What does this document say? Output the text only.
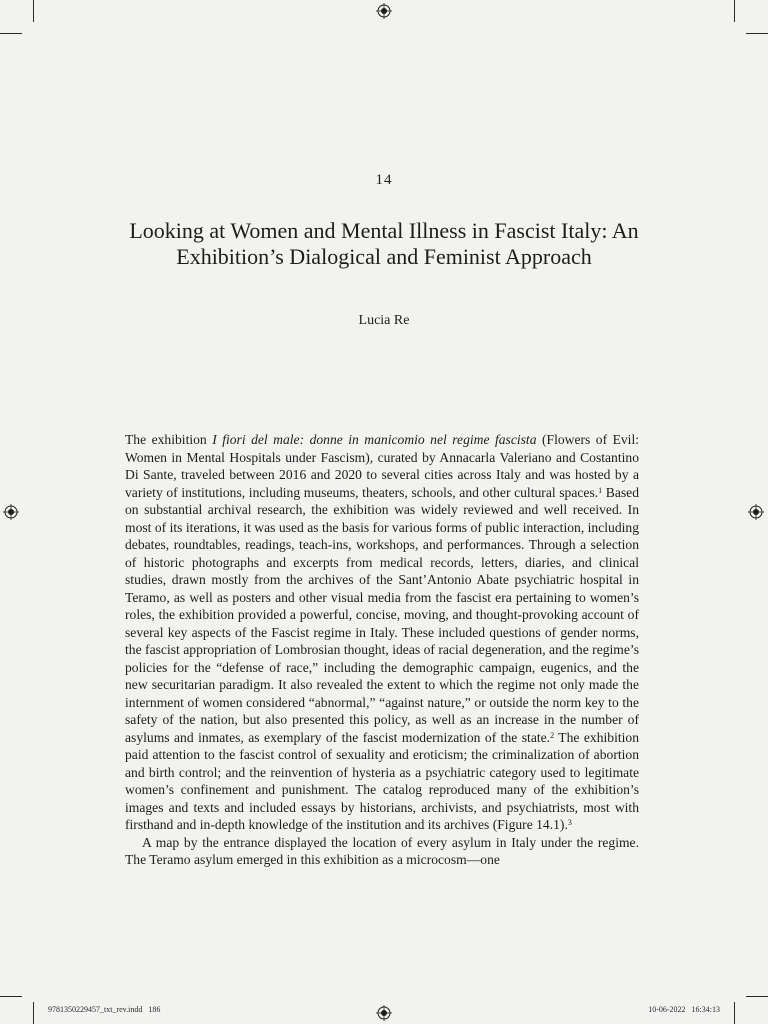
14
Looking at Women and Mental Illness in Fascist Italy: An Exhibition’s Dialogical and Feminist Approach
Lucia Re

The exhibition I fiori del male: donne in manicomio nel regime fascista (Flowers of Evil: Women in Mental Hospitals under Fascism), curated by Annacarla Valeriano and Costantino Di Sante, traveled between 2016 and 2020 to several cities across Italy and was hosted by a variety of institutions, including museums, theaters, schools, and other cultural spaces.$^1$ Based on substantial archival research, the exhibition was widely reviewed and well received. In most of its iterations, it was used as the basis for various forms of public interaction, including debates, roundtables, readings, teach-ins, workshops, and performances. Through a selection of historic photographs and excerpts from medical records, letters, diaries, and clinical studies, drawn mostly from the archives of the Sant’Antonio Abate psychiatric hospital in Teramo, as well as posters and other visual media from the fascist era pertaining to women’s roles, the exhibition provided a powerful, concise, moving, and thought-provoking account of several key aspects of the Fascist regime in Italy. These included questions of gender norms, the fascist appropriation of Lombrosian thought, ideas of racial degeneration, and the regime’s policies for the “defense of race,” including the demographic campaign, eugenics, and the new securitarian paradigm. It also revealed the extent to which the regime not only made the internment of women considered “abnormal,” “against nature,” or outside the norm key to the safety of the nation, but also presented this policy, as well as an increase in the number of asylums and inmates, as exemplary of the fascist modernization of the state.$^2$ The exhibition paid attention to the fascist control of sexuality and eroticism; the criminalization of abortion and birth control; and the reinvention of hysteria as a psychiatric category used to legitimate women’s confinement and punishment. The catalog reproduced many of the exhibition’s images and texts and included essays by historians, archivists, and psychiatrists, most with firsthand and in-depth knowledge of the institution and its archives (Figure 14.1).$^3$

A map by the entrance displayed the location of every asylum in Italy under the regime. The Teramo asylum emerged in this exhibition as a microcosm—one

9781350229457_txt_rev.indd   186	10-06-2022   16:34:13
